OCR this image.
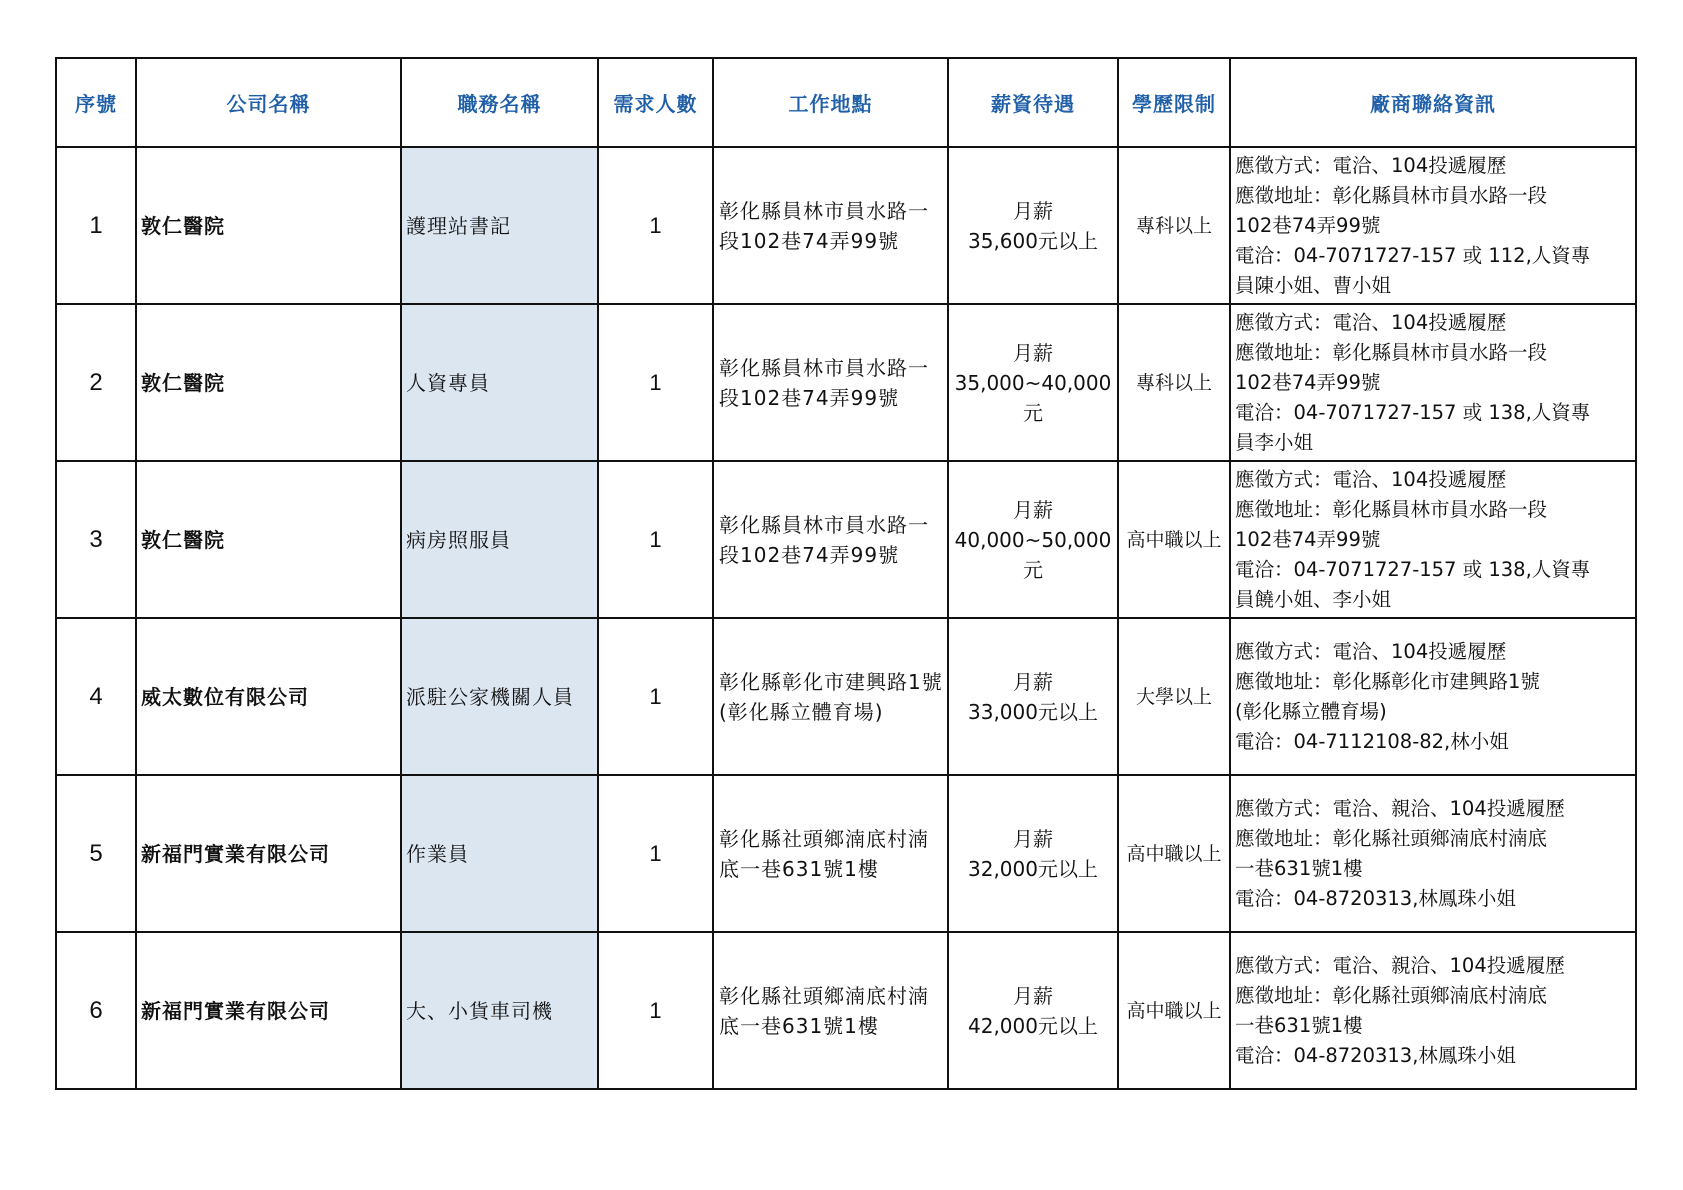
序號	公司名稱	職務名稱	需求人數	工作地點	薪資待遇	學歷限制	廠商聯絡資訊
1	敦仁醫院	護理站書記	1	彰化縣員林市員水路一段102巷74弄99號	月薪
35,600元以上	專科以上	應徵方式：電洽、104投遞履歷
應徵地址：彰化縣員林市員水路一段
102巷74弄99號
電洽：04-7071727-157 或 112,人資專
員陳小姐、曹小姐

2	敦仁醫院	人資專員	1	彰化縣員林市員水路一段102巷74弄99號	月薪
35,000~40,000
元	專科以上	應徵方式：電洽、104投遞履歷
應徵地址：彰化縣員林市員水路一段
102巷74弄99號
電洽：04-7071727-157 或 138,人資專
員李小姐

3	敦仁醫院	病房照服員	1	彰化縣員林市員水路一段102巷74弄99號	月薪
40,000~50,000
元	高中職以上	應徵方式：電洽、104投遞履歷
應徵地址：彰化縣員林市員水路一段
102巷74弄99號
電洽：04-7071727-157 或 138,人資專
員饒小姐、李小姐

4	威太數位有限公司	派駐公家機關人員	1	彰化縣彰化市建興路1號 (彰化縣立體育場)	月薪
33,000元以上	大學以上	應徵方式：電洽、104投遞履歷
應徵地址：彰化縣彰化市建興路1號
(彰化縣立體育場)
電洽：04-7112108-82,林小姐

5	新福門實業有限公司	作業員	1	彰化縣社頭鄉湳底村湳底一巷631號1樓	月薪
32,000元以上	高中職以上	應徵方式：電洽、親洽、104投遞履歷
應徵地址：彰化縣社頭鄉湳底村湳底
一巷631號1樓
電洽：04-8720313,林鳳珠小姐

6	新福門實業有限公司	大、小貨車司機	1	彰化縣社頭鄉湳底村湳底一巷631號1樓	月薪
42,000元以上	高中職以上	應徵方式：電洽、親洽、104投遞履歷
應徵地址：彰化縣社頭鄉湳底村湳底
一巷631號1樓
電洽：04-8720313,林鳳珠小姐
